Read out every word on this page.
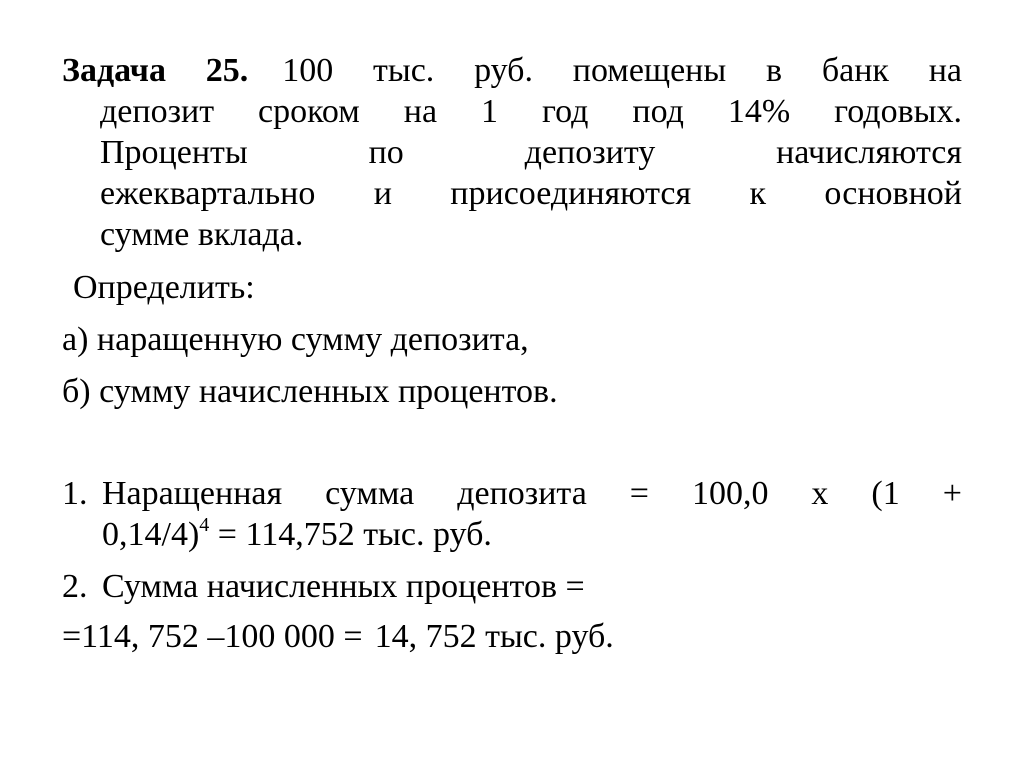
Задача 25. 100 тыс. руб. помещены в банк на
депозит сроком на 1 год под 14% годовых.
Проценты по депозиту начисляются
ежеквартально и присоединяются к основной
сумме вклада.
Определить:
а) наращенную сумму депозита,
б) сумму начисленных процентов.
1. Наращенная сумма депозита = 100,0 х (1 +
0,14/4)$^4$ = 114,752 тыс. руб.
2. Сумма начисленных процентов =
=114, 752 –100 000 = 14, 752 тыс. руб.
